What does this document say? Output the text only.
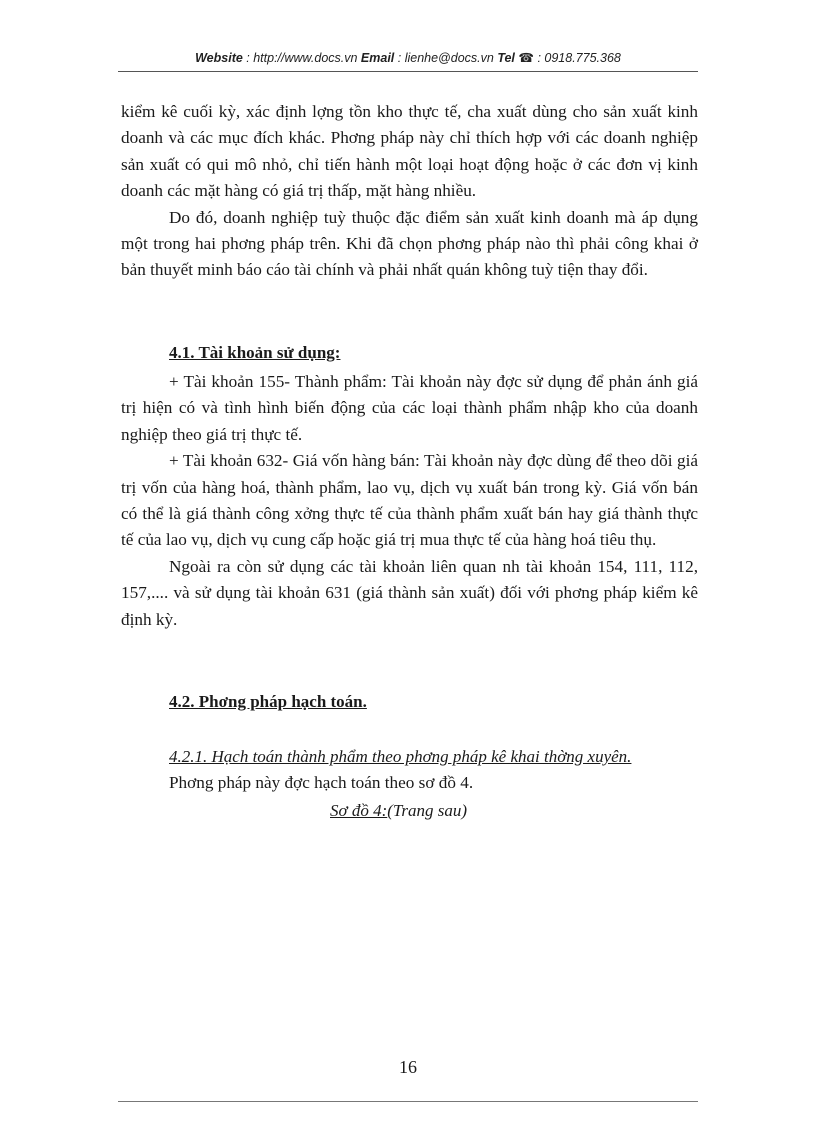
Website : http://www.docs.vn Email : lienhe@docs.vn Tel ☎ : 0918.775.368

kiểm kê cuối kỳ, xác định lợng tồn kho thực tế, cha xuất dùng cho sản xuất kinh doanh và các mục đích khác. Phơng pháp này chỉ thích hợp với các doanh nghiệp sản xuất có qui mô nhỏ, chỉ tiến hành một loại hoạt động hoặc ở các đơn vị kinh doanh các mặt hàng có giá trị thấp, mặt hàng nhiều.

Do đó, doanh nghiệp tuỳ thuộc đặc điểm sản xuất kinh doanh mà áp dụng một trong hai phơng pháp trên. Khi đã chọn phơng pháp nào thì phải công khai ở bản thuyết minh báo cáo tài chính và phải nhất quán không tuỳ tiện thay đổi.

4.1. Tài khoản sử dụng:

+ Tài khoản 155- Thành phẩm: Tài khoản này đợc sử dụng để phản ánh giá trị hiện có và tình hình biến động của các loại thành phẩm nhập kho của doanh nghiệp theo giá trị thực tế.

+ Tài khoản 632- Giá vốn hàng bán: Tài khoản này đợc dùng để theo dõi giá trị vốn của hàng hoá, thành phẩm, lao vụ, dịch vụ xuất bán trong kỳ. Giá vốn bán có thể là giá thành công xởng thực tế của thành phẩm xuất bán hay giá thành thực tế của lao vụ, dịch vụ cung cấp hoặc giá trị mua thực tế của hàng hoá tiêu thụ.

Ngoài ra còn sử dụng các tài khoản liên quan nh tài khoản 154, 111, 112, 157,.... và sử dụng tài khoản 631 (giá thành sản xuất) đối với phơng pháp kiểm kê định kỳ.

4.2. Phơng pháp hạch toán.
4.2.1. Hạch toán thành phẩm theo phơng pháp kê khai thờng xuyên.
Phơng pháp này đợc hạch toán theo sơ đồ 4.
Sơ đồ 4:(Trang sau)
16
